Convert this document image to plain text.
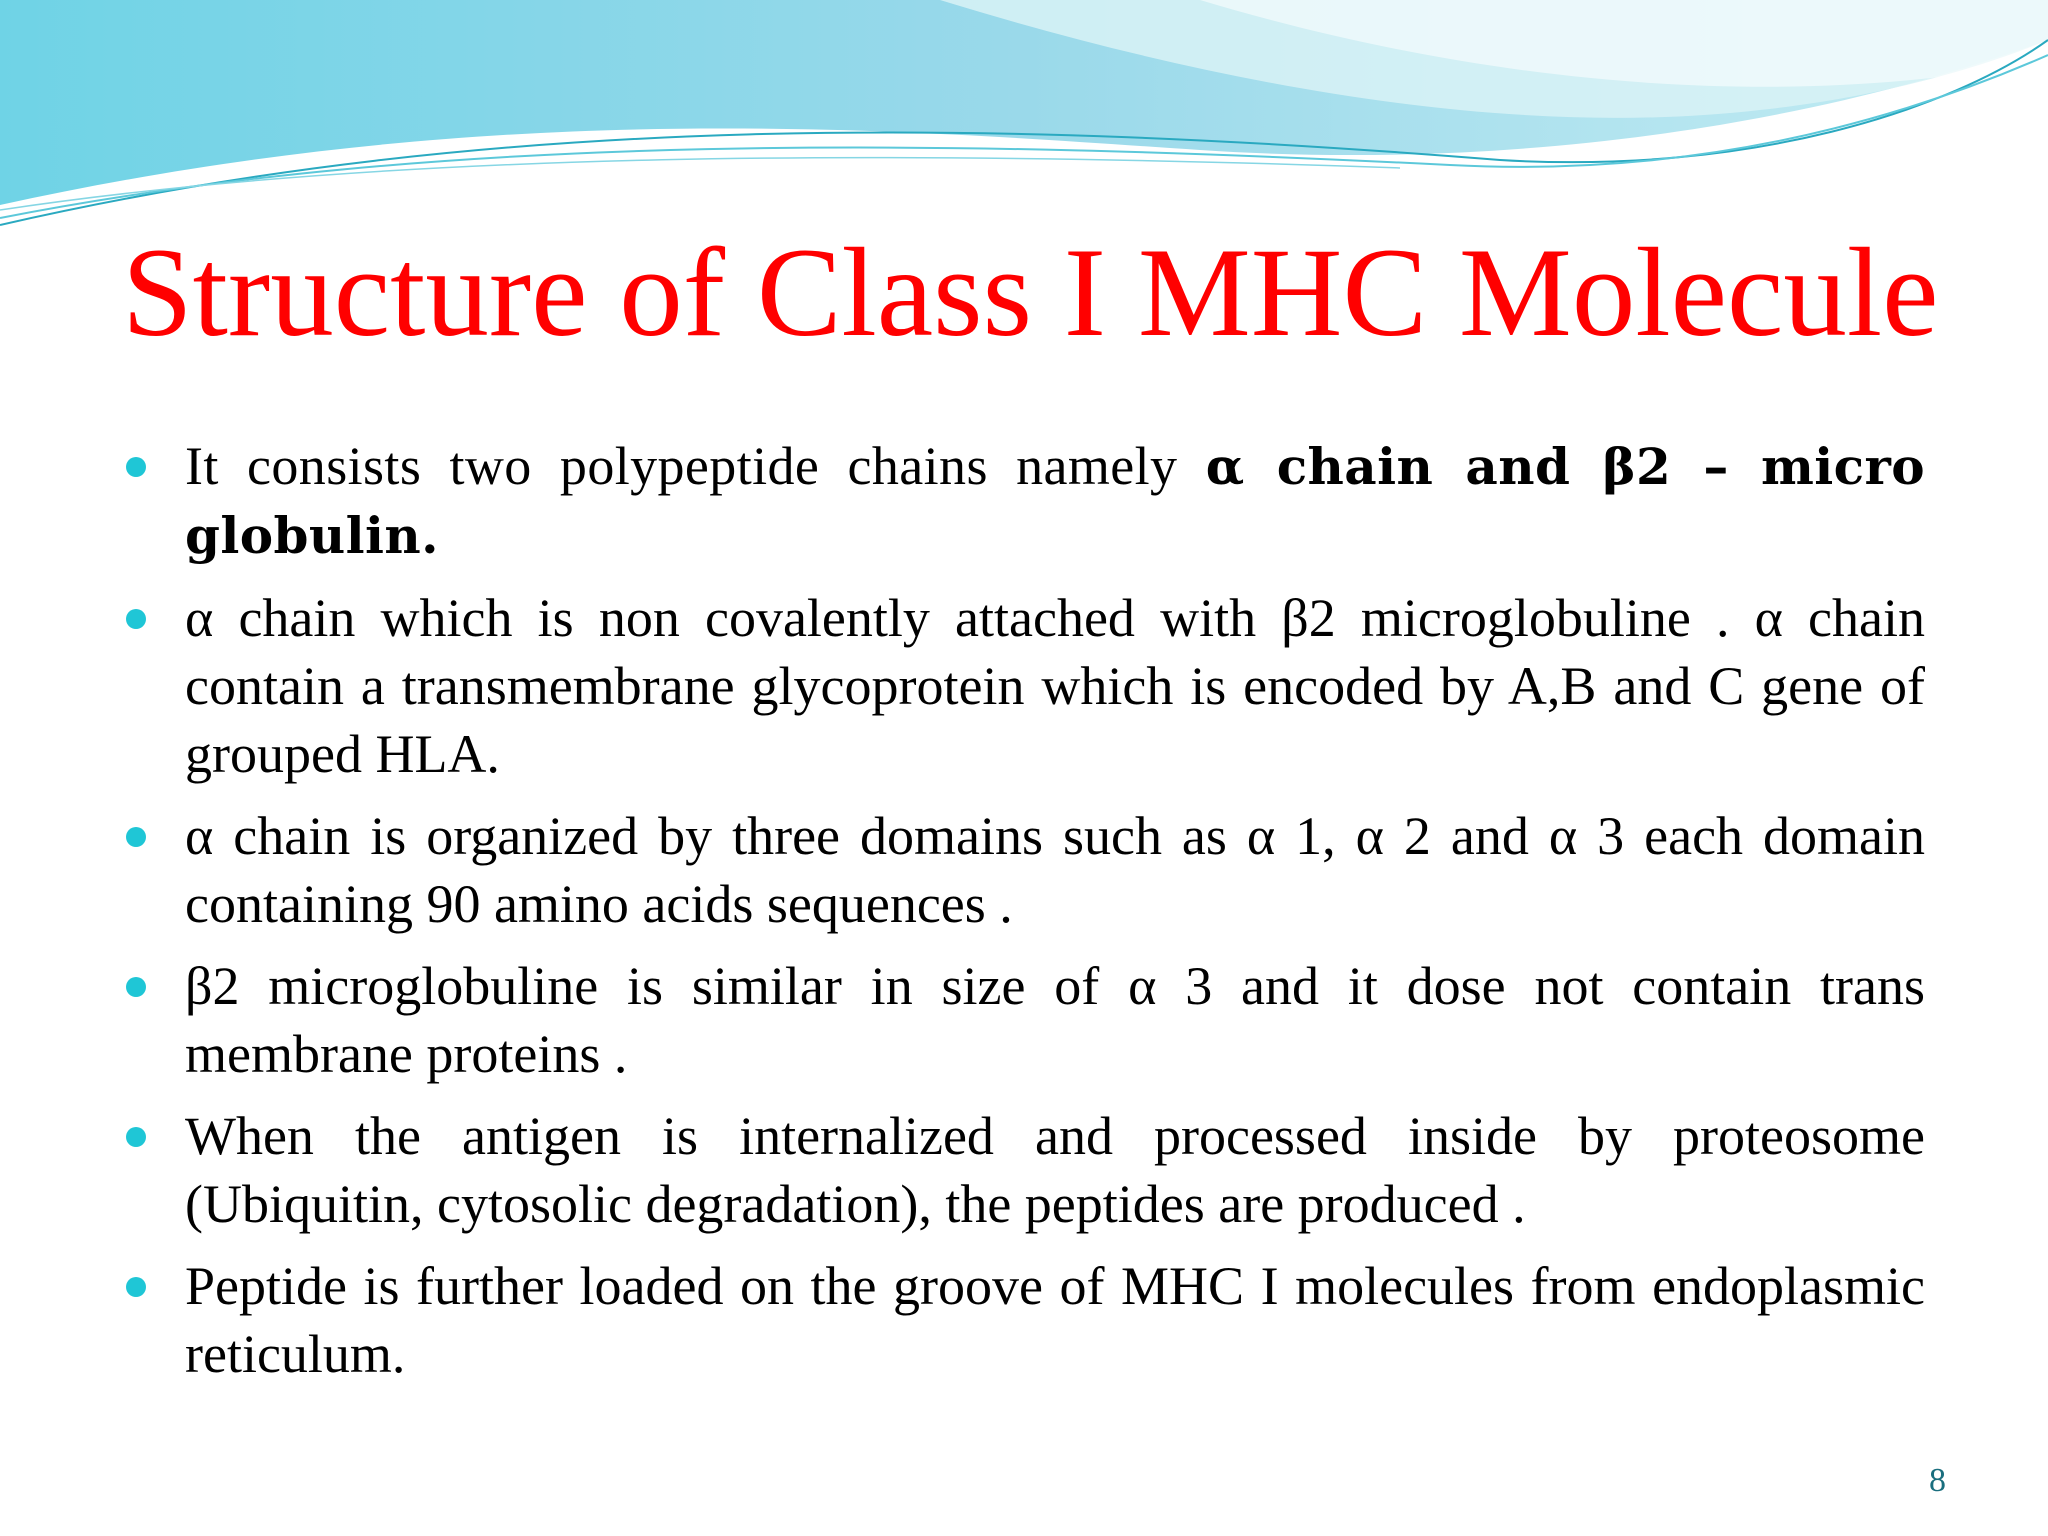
Structure of Class I MHC Molecule
It consists two polypeptide chains namely α chain and β2 – micro globulin.
α chain which is non covalently attached with β2 microglobuline . α chain contain a transmembrane glycoprotein which is encoded by A,B and C gene of grouped HLA.
α chain is organized by three domains such as α 1, α 2 and α 3 each domain containing 90 amino acids sequences .
β2 microglobuline is similar in size of α 3 and it dose not contain trans membrane proteins .
When the antigen is internalized and processed inside by proteosome (Ubiquitin, cytosolic degradation), the peptides are produced .
Peptide is further loaded on the groove of MHC I molecules from endoplasmic reticulum.
8
